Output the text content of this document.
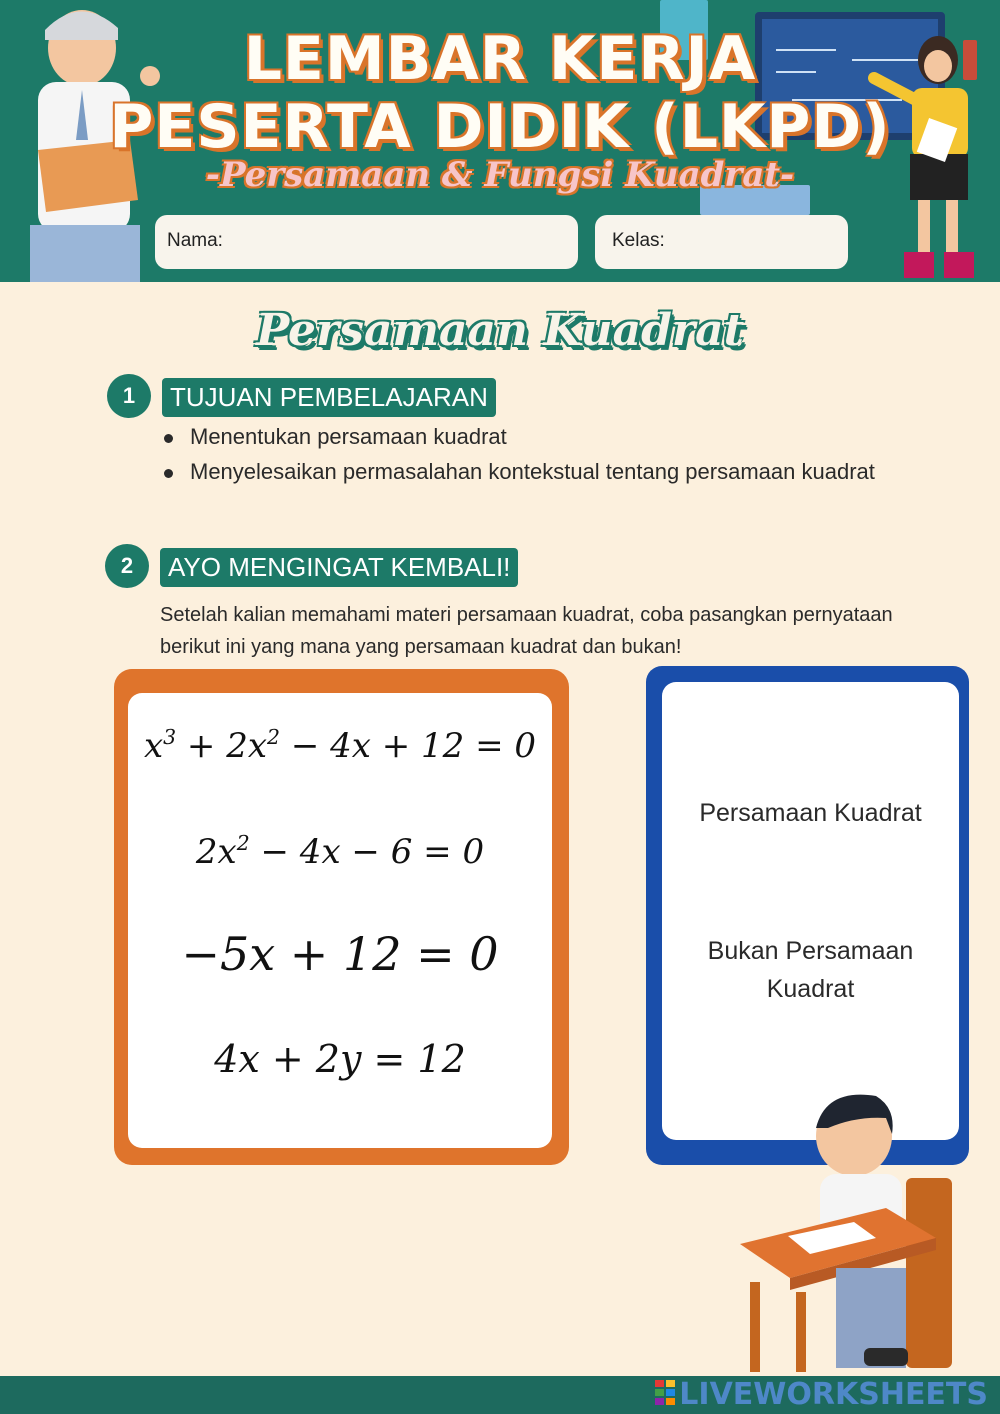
LEMBAR KERJA
PESERTA DIDIK (LKPD)
-Persamaan & Fungsi Kuadrat-
Nama:	Kelas:
Persamaan Kuadrat
1	TUJUAN PEMBELAJARAN
Menentukan persamaan kuadrat
Menyelesaikan permasalahan kontekstual tentang persamaan kuadrat
2	AYO MENGINGAT KEMBALI!
Setelah kalian memahami materi persamaan kuadrat, coba pasangkan pernyataan berikut ini yang mana yang persamaan kuadrat dan bukan!
$x^3 + 2x^2 - 4x + 12 = 0$
$2x^2 - 4x - 6 = 0$
−5x + 12 = 0
4x + 2y = 12
Persamaan Kuadrat
Bukan Persamaan
Kuadrat
LIVEWORKSHEETS
